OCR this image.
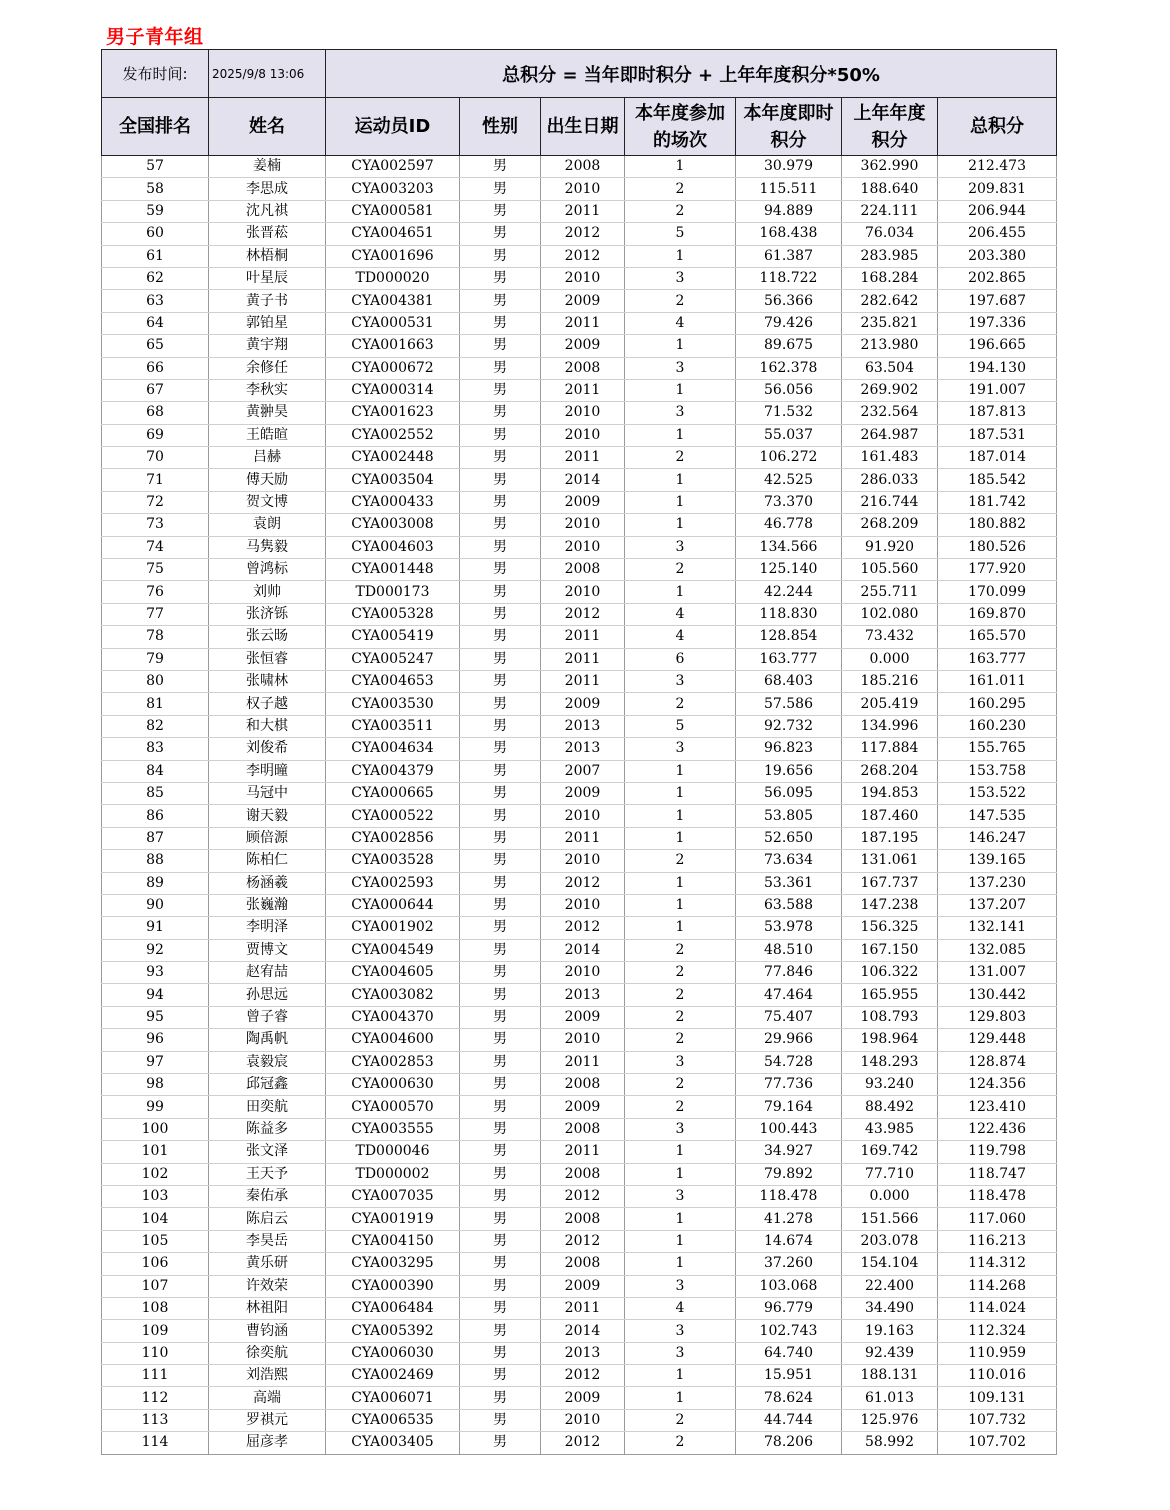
男子青年组
发布时间:	2025/9/8 13:06	总积分 = 当年即时积分 + 上年年度积分*50%						
全国排名	姓名	运动员ID	性别	出生日期	本年度参加的场次	本年度即时积分	上年年度积分	总积分
57	姜楠	CYA002597	男	2008	1	30.979	362.990	212.473
58	李思成	CYA003203	男	2010	2	115.511	188.640	209.831
59	沈凡祺	CYA000581	男	2011	2	94.889	224.111	206.944
60	张晋菘	CYA004651	男	2012	5	168.438	76.034	206.455
61	林梧桐	CYA001696	男	2012	1	61.387	283.985	203.380
62	叶星辰	TD000020	男	2010	3	118.722	168.284	202.865
63	黄子书	CYA004381	男	2009	2	56.366	282.642	197.687
64	郭铂星	CYA000531	男	2011	4	79.426	235.821	197.336
65	黄宇翔	CYA001663	男	2009	1	89.675	213.980	196.665
66	余修任	CYA000672	男	2008	3	162.378	63.504	194.130
67	李秋实	CYA000314	男	2011	1	56.056	269.902	191.007
68	黄翀昊	CYA001623	男	2010	3	71.532	232.564	187.813
69	王皓暄	CYA002552	男	2010	1	55.037	264.987	187.531
70	吕赫	CYA002448	男	2011	2	106.272	161.483	187.014
71	傅天励	CYA003504	男	2014	1	42.525	286.033	185.542
72	贺文博	CYA000433	男	2009	1	73.370	216.744	181.742
73	袁朗	CYA003008	男	2010	1	46.778	268.209	180.882
74	马隽毅	CYA004603	男	2010	3	134.566	91.920	180.526
75	曾鸿标	CYA001448	男	2008	2	125.140	105.560	177.920
76	刘帅	TD000173	男	2010	1	42.244	255.711	170.099
77	张济铄	CYA005328	男	2012	4	118.830	102.080	169.870
78	张云旸	CYA005419	男	2011	4	128.854	73.432	165.570
79	张恒睿	CYA005247	男	2011	6	163.777	0.000	163.777
80	张啸林	CYA004653	男	2011	3	68.403	185.216	161.011
81	权子越	CYA003530	男	2009	2	57.586	205.419	160.295
82	和大棋	CYA003511	男	2013	5	92.732	134.996	160.230
83	刘俊希	CYA004634	男	2013	3	96.823	117.884	155.765
84	李明曈	CYA004379	男	2007	1	19.656	268.204	153.758
85	马冠中	CYA000665	男	2009	1	56.095	194.853	153.522
86	谢天毅	CYA000522	男	2010	1	53.805	187.460	147.535
87	顾倍源	CYA002856	男	2011	1	52.650	187.195	146.247
88	陈柏仁	CYA003528	男	2010	2	73.634	131.061	139.165
89	杨涵羲	CYA002593	男	2012	1	53.361	167.737	137.230
90	张巍瀚	CYA000644	男	2010	1	63.588	147.238	137.207
91	李明泽	CYA001902	男	2012	1	53.978	156.325	132.141
92	贾博文	CYA004549	男	2014	2	48.510	167.150	132.085
93	赵宥喆	CYA004605	男	2010	2	77.846	106.322	131.007
94	孙思远	CYA003082	男	2013	2	47.464	165.955	130.442
95	曾子睿	CYA004370	男	2009	2	75.407	108.793	129.803
96	陶禹帆	CYA004600	男	2010	2	29.966	198.964	129.448
97	袁毅宸	CYA002853	男	2011	3	54.728	148.293	128.874
98	邱冠鑫	CYA000630	男	2008	2	77.736	93.240	124.356
99	田奕航	CYA000570	男	2009	2	79.164	88.492	123.410
100	陈益多	CYA003555	男	2008	3	100.443	43.985	122.436
101	张文泽	TD000046	男	2011	1	34.927	169.742	119.798
102	王天予	TD000002	男	2008	1	79.892	77.710	118.747
103	秦佑承	CYA007035	男	2012	3	118.478	0.000	118.478
104	陈启云	CYA001919	男	2008	1	41.278	151.566	117.060
105	李昊岳	CYA004150	男	2012	1	14.674	203.078	116.213
106	黄乐研	CYA003295	男	2008	1	37.260	154.104	114.312
107	许效荣	CYA000390	男	2009	3	103.068	22.400	114.268
108	林祖阳	CYA006484	男	2011	4	96.779	34.490	114.024
109	曹钧涵	CYA005392	男	2014	3	102.743	19.163	112.324
110	徐奕航	CYA006030	男	2013	3	64.740	92.439	110.959
111	刘浩熙	CYA002469	男	2012	1	15.951	188.131	110.016
112	高端	CYA006071	男	2009	1	78.624	61.013	109.131
113	罗祺元	CYA006535	男	2010	2	44.744	125.976	107.732
114	屈彦孝	CYA003405	男	2012	2	78.206	58.992	107.702
